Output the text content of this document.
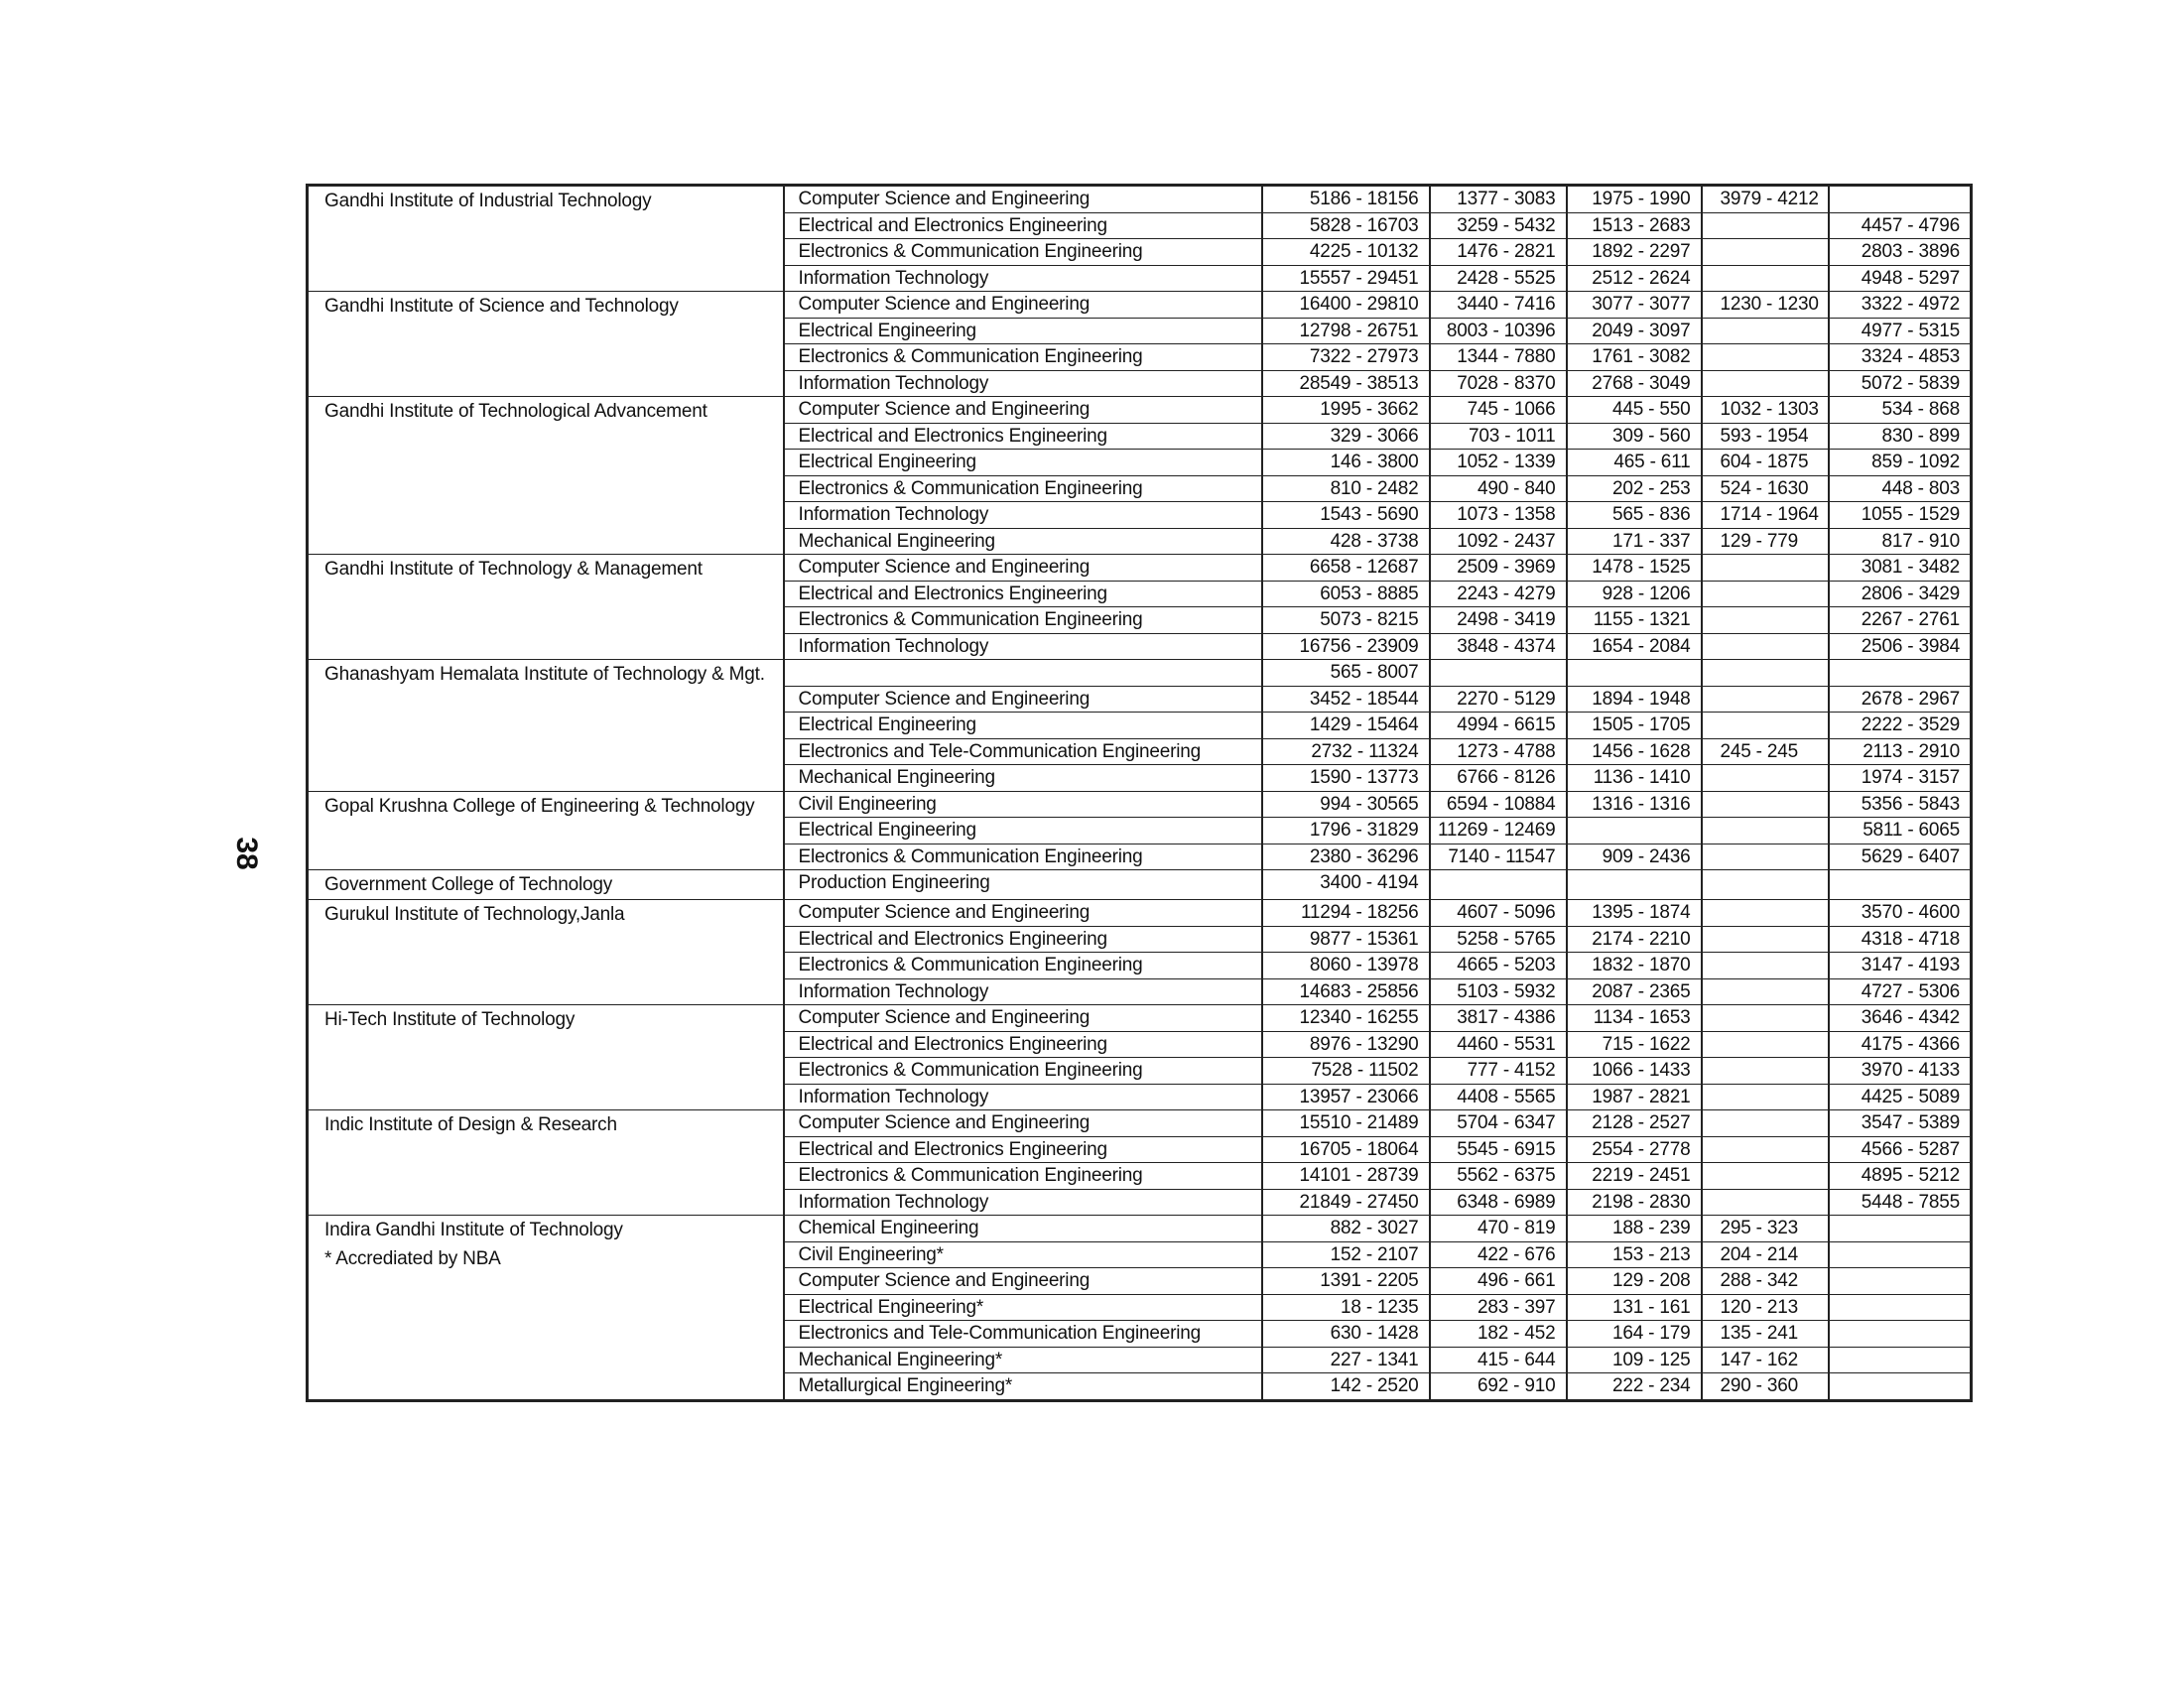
38
Gandhi Institute of Industrial Technology	Computer Science and Engineering	5186 - 18156	1377 - 3083	1975 - 1990	3979 - 4212	
	Electrical and Electronics Engineering	5828 - 16703	3259 - 5432	1513 - 2683		4457 - 4796
	Electronics & Communication Engineering	4225 - 10132	1476 - 2821	1892 - 2297		2803 - 3896
	Information Technology	15557 - 29451	2428 - 5525	2512 - 2624		4948 - 5297

Gandhi Institute of Science and Technology	Computer Science and Engineering	16400 - 29810	3440 - 7416	3077 - 3077	1230 - 1230	3322 - 4972
	Electrical Engineering	12798 - 26751	8003 - 10396	2049 - 3097		4977 - 5315
	Electronics & Communication Engineering	7322 - 27973	1344 - 7880	1761 - 3082		3324 - 4853
	Information Technology	28549 - 38513	7028 - 8370	2768 - 3049		5072 - 5839

Gandhi Institute of Technological Advancement	Computer Science and Engineering	1995 - 3662	745 - 1066	445 - 550	1032 - 1303	534 - 868
	Electrical and Electronics Engineering	329 - 3066	703 - 1011	309 - 560	593 - 1954	830 - 899
	Electrical Engineering	146 - 3800	1052 - 1339	465 - 611	604 - 1875	859 - 1092
	Electronics & Communication Engineering	810 - 2482	490 - 840	202 - 253	524 - 1630	448 - 803
	Information Technology	1543 - 5690	1073 - 1358	565 - 836	1714 - 1964	1055 - 1529
	Mechanical Engineering	428 - 3738	1092 - 2437	171 - 337	129 - 779	817 - 910

Gandhi Institute of Technology & Management	Computer Science and Engineering	6658 - 12687	2509 - 3969	1478 - 1525		3081 - 3482
	Electrical and Electronics Engineering	6053 - 8885	2243 - 4279	928 - 1206		2806 - 3429
	Electronics & Communication Engineering	5073 - 8215	2498 - 3419	1155 - 1321		2267 - 2761
	Information Technology	16756 - 23909	3848 - 4374	1654 - 2084		2506 - 3984

Ghanashyam Hemalata Institute of Technology & Mgt.		565 - 8007				
	Computer Science and Engineering	3452 - 18544	2270 - 5129	1894 - 1948		2678 - 2967
	Electrical Engineering	1429 - 15464	4994 - 6615	1505 - 1705		2222 - 3529
	Electronics and Tele-Communication Engineering	2732 - 11324	1273 - 4788	1456 - 1628	245 - 245	2113 - 2910
	Mechanical Engineering	1590 - 13773	6766 - 8126	1136 - 1410		1974 - 3157

Gopal Krushna College of Engineering & Technology	Civil Engineering	994 - 30565	6594 - 10884	1316 - 1316		5356 - 5843
	Electrical Engineering	1796 - 31829	11269 - 12469			5811 - 6065
	Electronics & Communication Engineering	2380 - 36296	7140 - 11547	909 - 2436		5629 - 6407

Government College of Technology	Production Engineering	3400 - 4194				

Gurukul Institute of Technology,Janla	Computer Science and Engineering	11294 - 18256	4607 - 5096	1395 - 1874		3570 - 4600
	Electrical and Electronics Engineering	9877 - 15361	5258 - 5765	2174 - 2210		4318 - 4718
	Electronics & Communication Engineering	8060 - 13978	4665 - 5203	1832 - 1870		3147 - 4193
	Information Technology	14683 - 25856	5103 - 5932	2087 - 2365		4727 - 5306

Hi-Tech Institute of Technology	Computer Science and Engineering	12340 - 16255	3817 - 4386	1134 - 1653		3646 - 4342
	Electrical and Electronics Engineering	8976 - 13290	4460 - 5531	715 - 1622		4175 - 4366
	Electronics & Communication Engineering	7528 - 11502	777 - 4152	1066 - 1433		3970 - 4133
	Information Technology	13957 - 23066	4408 - 5565	1987 - 2821		4425 - 5089

Indic Institute of Design & Research	Computer Science and Engineering	15510 - 21489	5704 - 6347	2128 - 2527		3547 - 5389
	Electrical and Electronics Engineering	16705 - 18064	5545 - 6915	2554 - 2778		4566 - 5287
	Electronics & Communication Engineering	14101 - 28739	5562 - 6375	2219 - 2451		4895 - 5212
	Information Technology	21849 - 27450	6348 - 6989	2198 - 2830		5448 - 7855

Indira Gandhi Institute of Technology
* Accrediated by NBA	Chemical Engineering	882 - 3027	470 - 819	188 - 239	295 - 323	
	Civil Engineering*	152 - 2107	422 - 676	153 - 213	204 - 214	
	Computer Science and Engineering	1391 - 2205	496 - 661	129 - 208	288 - 342	
	Electrical Engineering*	18 - 1235	283 - 397	131 - 161	120 - 213	
	Electronics and Tele-Communication Engineering	630 - 1428	182 - 452	164 - 179	135 - 241	
	Mechanical Engineering*	227 - 1341	415 - 644	109 - 125	147 - 162	
	Metallurgical Engineering*	142 - 2520	692 - 910	222 - 234	290 - 360	
